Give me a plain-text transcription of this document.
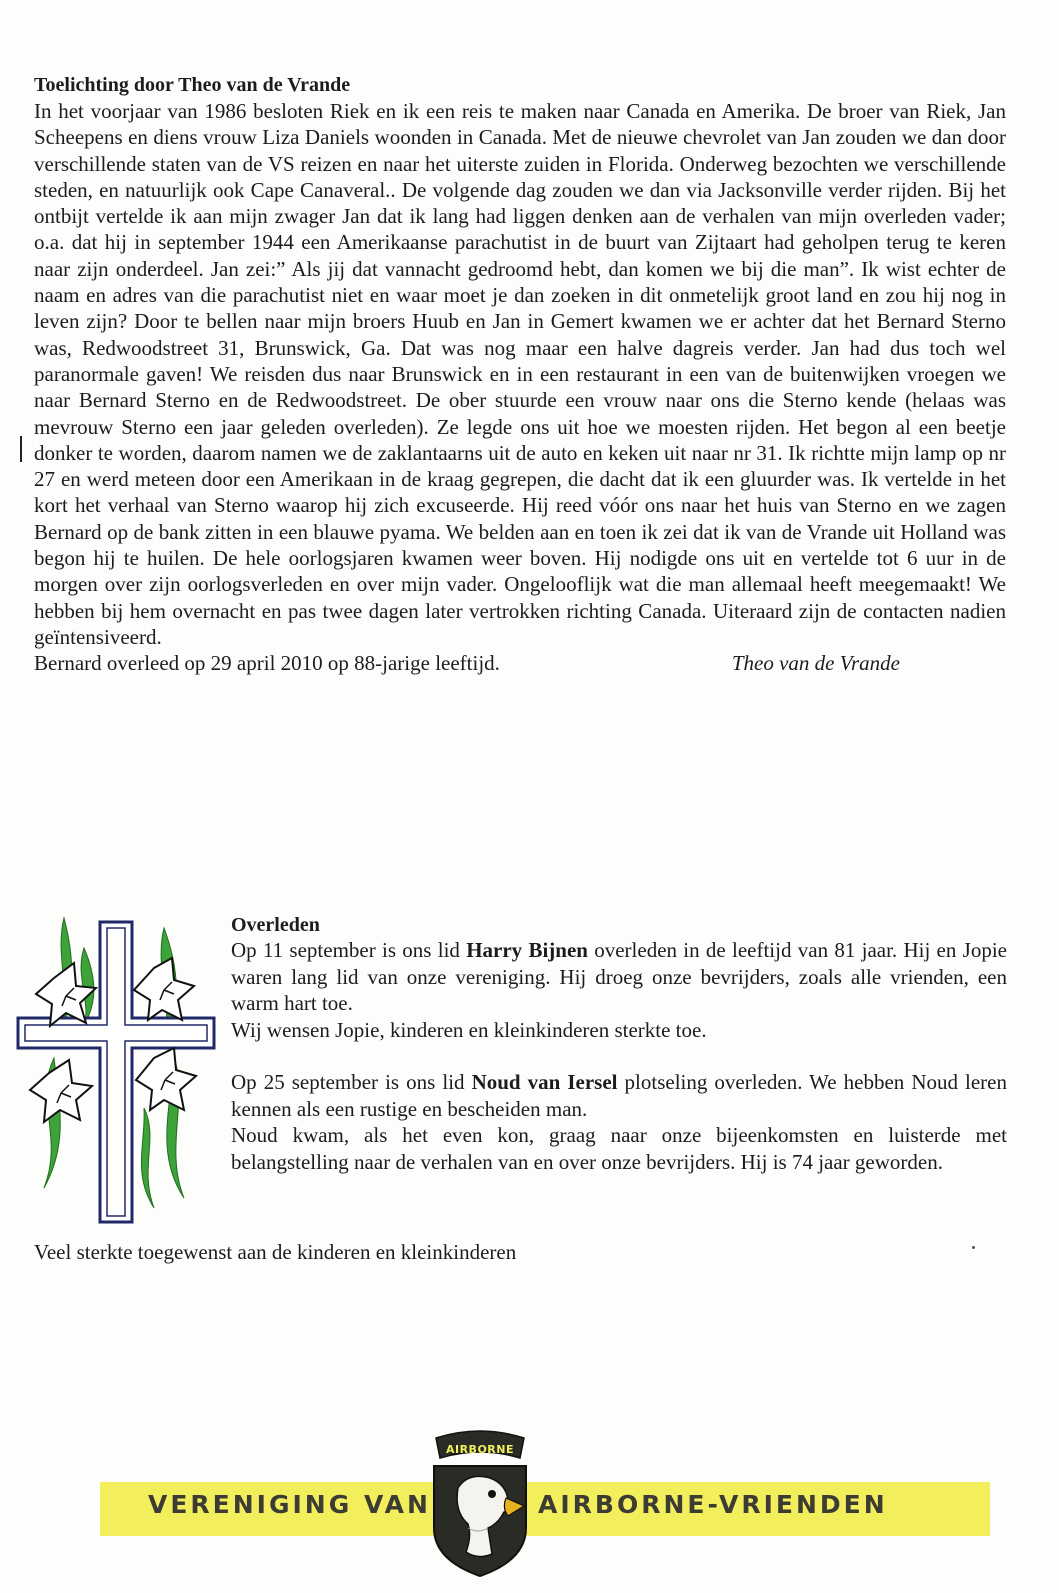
Toelichting door Theo van de Vrande

In het voorjaar van 1986 besloten Riek en ik een reis te maken naar Canada en Amerika. De broer van Riek, Jan Scheepens en diens vrouw Liza Daniels woonden in Canada. Met de nieuwe chevrolet van Jan zouden we dan door verschillende staten van de VS reizen en naar het uiterste zuiden in Florida. Onderweg bezochten we verschillende steden, en natuurlijk ook Cape Canaveral.. De volgende dag zouden we dan via Jacksonville verder rijden. Bij het ontbijt vertelde ik aan mijn zwager Jan dat ik lang had liggen denken aan de verhalen van mijn overleden vader; o.a. dat hij in september 1944 een Amerikaanse parachutist in de buurt van Zijtaart had geholpen terug te keren naar zijn onderdeel. Jan zei:” Als jij dat vannacht gedroomd hebt, dan komen we bij die man”. Ik wist echter de naam en adres van die parachutist niet en waar moet je dan zoeken in dit onmetelijk groot land en zou hij nog in leven zijn? Door te bellen naar mijn broers Huub en Jan in Gemert kwamen we er achter dat het Bernard Sterno was, Redwoodstreet 31, Brunswick, Ga. Dat was nog maar een halve dagreis verder. Jan had dus toch wel paranormale gaven! We reisden dus naar Brunswick en in een restaurant in een van de buitenwijken vroegen we naar Bernard Sterno en de Redwoodstreet. De ober stuurde een vrouw naar ons die Sterno kende (helaas was mevrouw Sterno een jaar geleden overleden). Ze legde ons uit hoe we moesten rijden. Het begon al een beetje donker te worden, daarom namen we de zaklantaarns uit de auto en keken uit naar nr 31. Ik richtte mijn lamp op nr 27 en werd meteen door een Amerikaan in de kraag gegrepen, die dacht dat ik een gluurder was. Ik vertelde in het kort het verhaal van Sterno waarop hij zich excuseerde. Hij reed vóór ons naar het huis van Sterno en we zagen Bernard op de bank zitten in een blauwe pyama. We belden aan en toen ik zei dat ik van de Vrande uit Holland was begon hij te huilen. De hele oorlogsjaren kwamen weer boven. Hij nodigde ons uit en vertelde tot 6 uur in de morgen over zijn oorlogsverleden en over mijn vader. Ongelooflijk wat die man allemaal heeft meegemaakt! We hebben bij hem overnacht en pas twee dagen later vertrokken richting Canada. Uiteraard zijn de contacten nadien geïntensiveerd.

Bernard overleed op 29 april 2010 op 88-jarige leeftijd.	Theo van de Vrande
Overleden

Op 11 september is ons lid Harry Bijnen overleden in de leeftijd van 81 jaar. Hij en Jopie waren lang lid van onze vereniging. Hij droeg onze bevrijders, zoals alle vrienden, een warm hart toe.

Wij wensen Jopie, kinderen en kleinkinderen sterkte toe.

Op 25 september is ons lid Noud van Iersel plotseling overleden. We hebben Noud leren kennen als een rustige en bescheiden man.

Noud kwam, als het even kon, graag naar onze bijeenkomsten en luisterde met belangstelling naar de verhalen van en over onze bevrijders. Hij is 74 jaar geworden.

Veel sterkte toegewenst aan de kinderen en kleinkinderen

VERENIGING VAN	AIRBORNE-VRIENDEN
AIRBORNE
